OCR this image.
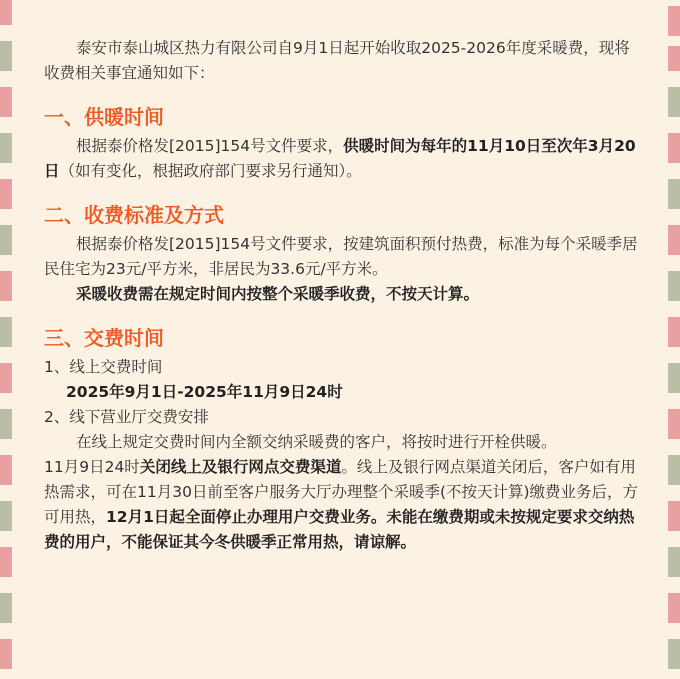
泰安市泰山城区热力有限公司自9月1日起开始收取2025-2026年度采暖费，现将收费相关事宜通知如下：

一、供暖时间

根据泰价格发[2015]154号文件要求，供暖时间为每年的11月10日至次年3月20日（如有变化，根据政府部门要求另行通知）。

二、收费标准及方式

根据泰价格发[2015]154号文件要求，按建筑面积预付热费，标准为每个采暖季居民住宅为23元/平方米，非居民为33.6元/平方米。

采暖收费需在规定时间内按整个采暖季收费，不按天计算。

三、交费时间

1、线上交费时间

2025年9月1日-2025年11月9日24时

2、线下营业厅交费安排

在线上规定交费时间内全额交纳采暖费的客户，将按时进行开栓供暖。

11月9日24时关闭线上及银行网点交费渠道。线上及银行网点渠道关闭后，客户如有用热需求，可在11月30日前至客户服务大厅办理整个采暖季(不按天计算)缴费业务后，方可用热，12月1日起全面停止办理用户交费业务。未能在缴费期或未按规定要求交纳热费的用户，不能保证其今冬供暖季正常用热，请谅解。
